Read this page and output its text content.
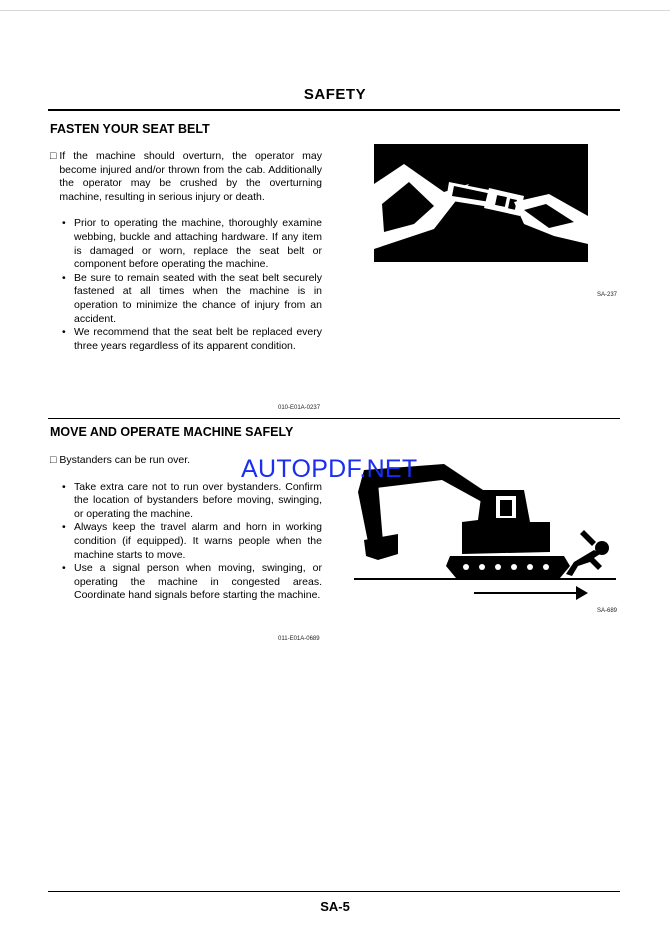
SAFETY
FASTEN YOUR SEAT BELT
□ If the machine should overturn, the operator may become injured and/or thrown from the cab. Additionally the operator may be crushed by the overturning machine, resulting in serious injury or death.
• Prior to operating the machine, thoroughly examine webbing, buckle and attaching hardware. If any item is damaged or worn, replace the seat belt or component before operating the machine.
• Be sure to remain seated with the seat belt securely fastened at all times when the machine is in operation to minimize the chance of injury from an accident.
• We recommend that the seat belt be replaced every three years regardless of its apparent condition.
010-E01A-0237
SA-237
MOVE AND OPERATE MACHINE SAFELY
□ Bystanders can be run over.
• Take extra care not to run over bystanders. Confirm the location of bystanders before moving, swinging, or operating the machine.
• Always keep the travel alarm and horn in working condition (if equipped). It warns people when the machine starts to move.
• Use a signal person when moving, swinging, or operating the machine in congested areas. Coordinate hand signals before starting the machine.
011-E01A-0689
SA-689
AUTOPDF.NET
SA-5
